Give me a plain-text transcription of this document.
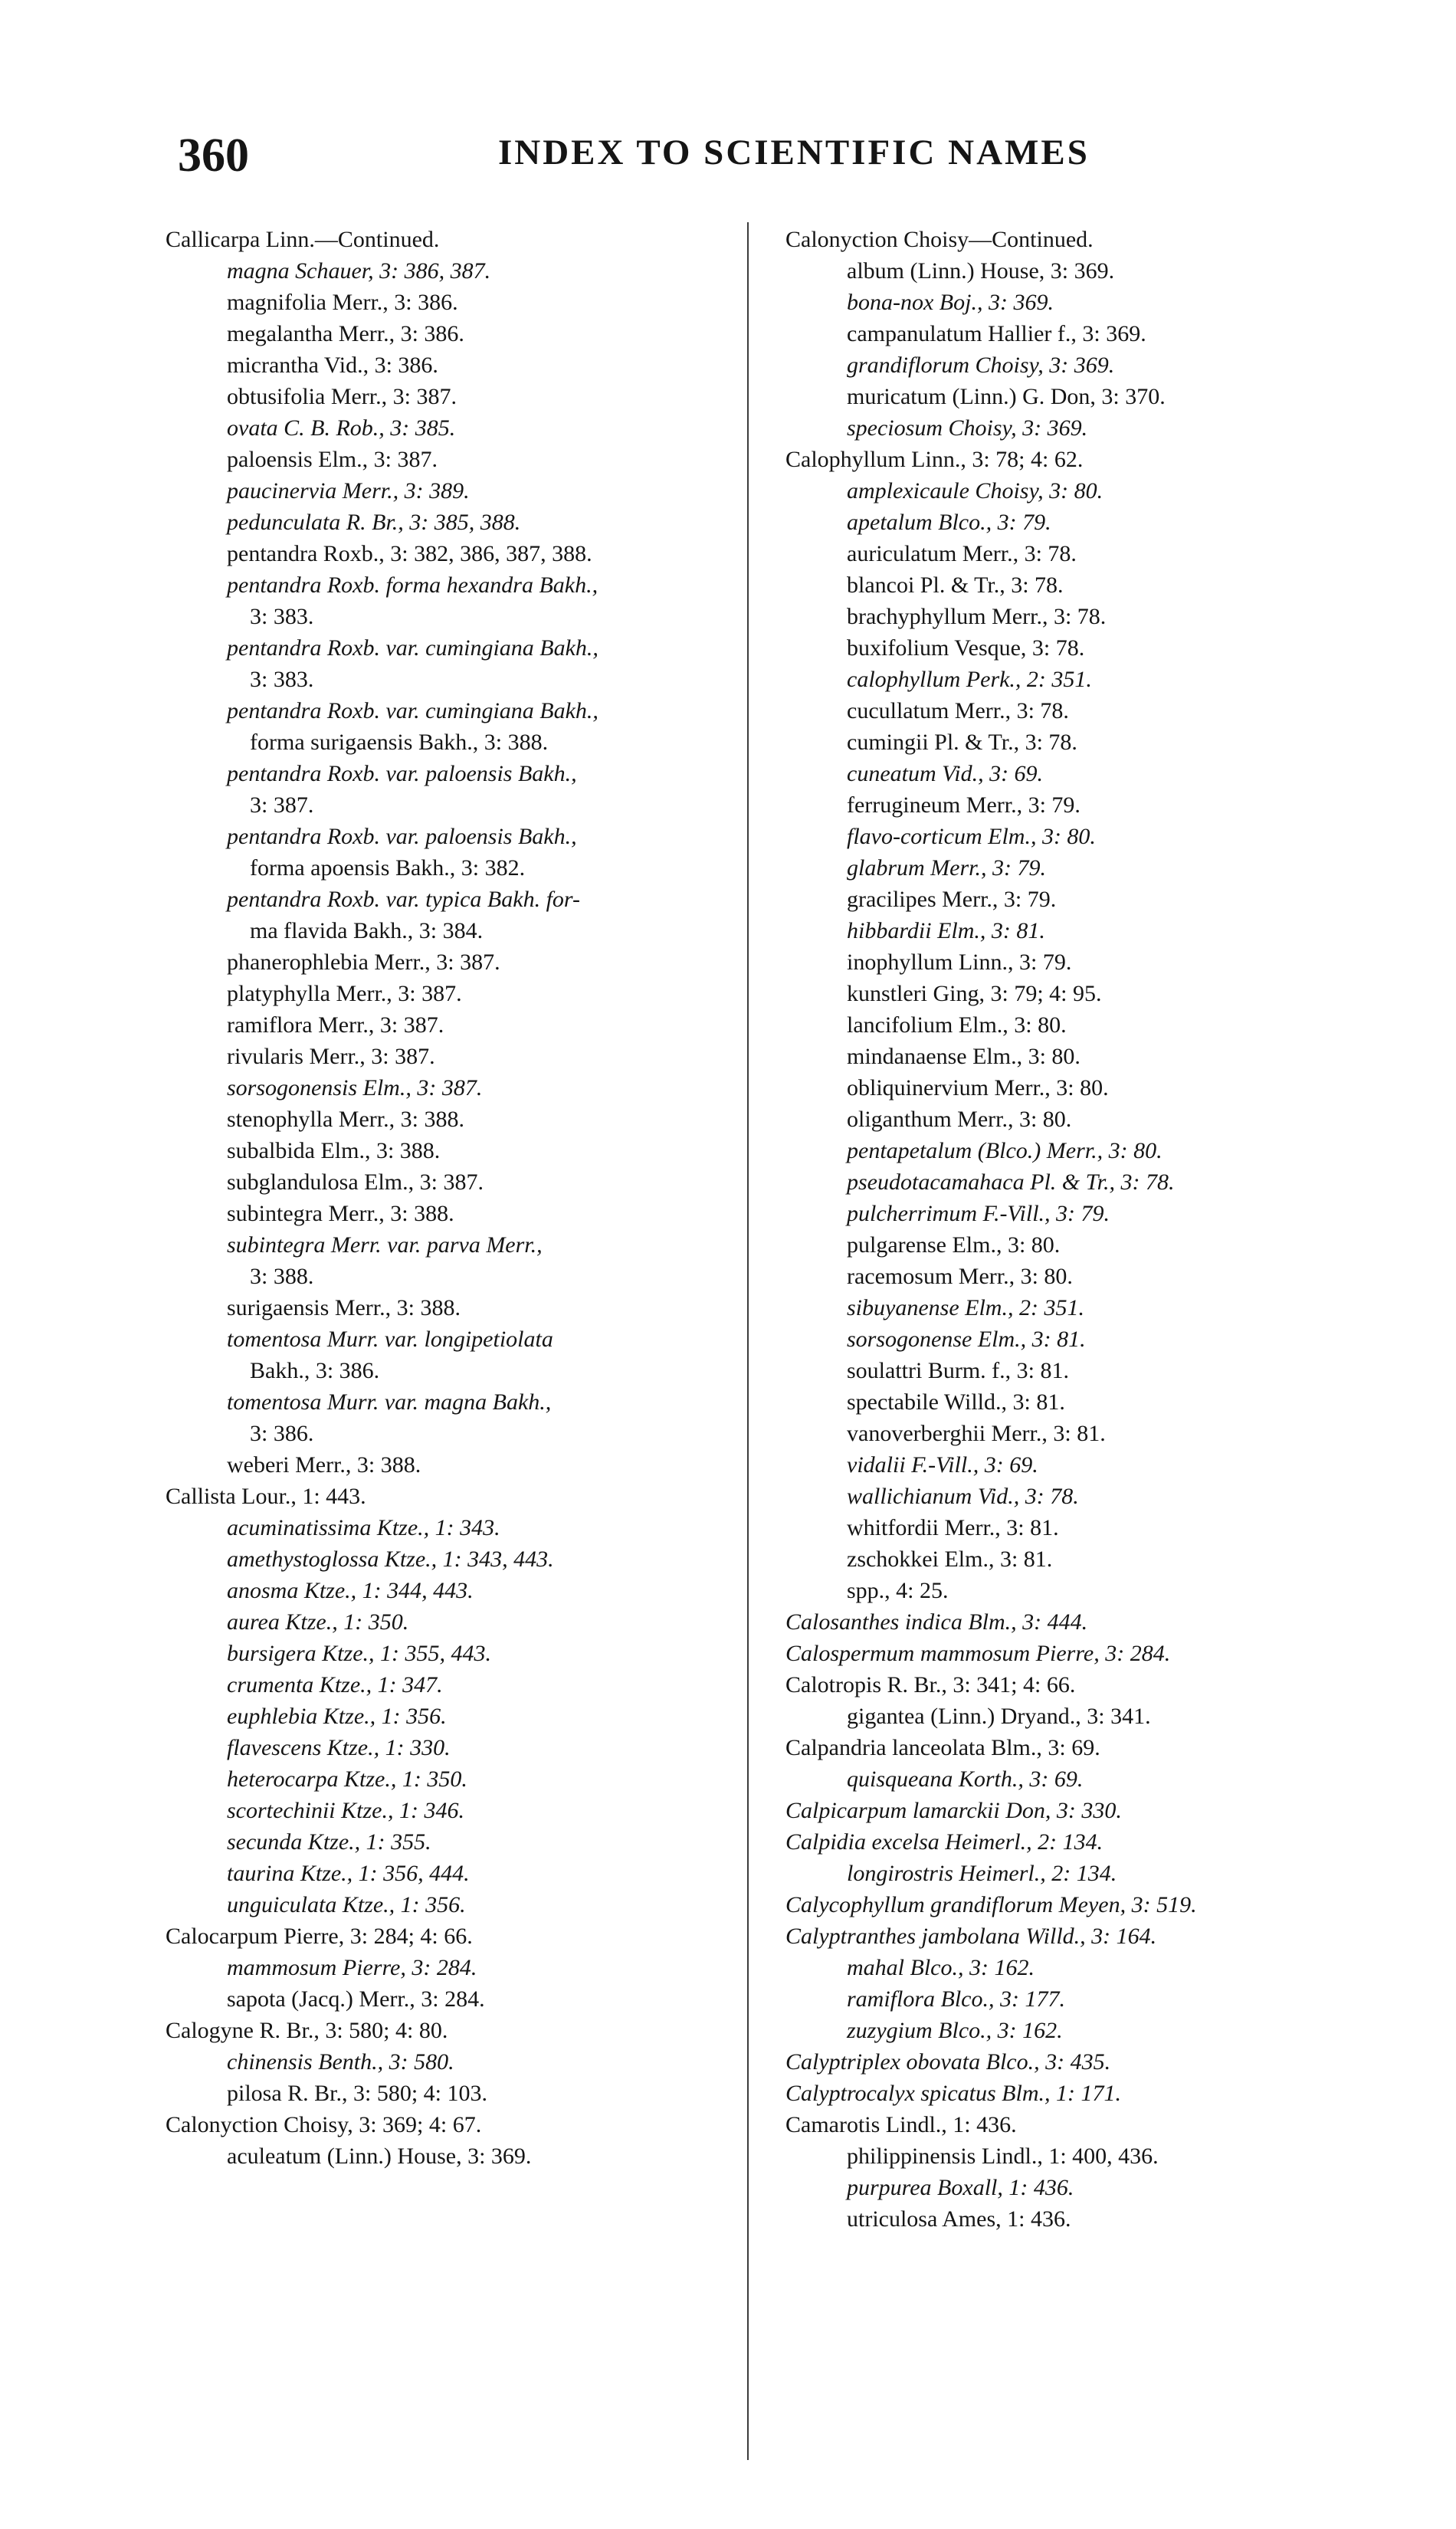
360	INDEX TO SCIENTIFIC NAMES
Callicarpa Linn.—Continued.
magna Schauer, 3: 386, 387.
magnifolia Merr., 3: 386.
megalantha Merr., 3: 386.
micrantha Vid., 3: 386.
obtusifolia Merr., 3: 387.
ovata C. B. Rob., 3: 385.
paloensis Elm., 3: 387.
paucinervia Merr., 3: 389.
pedunculata R. Br., 3: 385, 388.
pentandra Roxb., 3: 382, 386, 387, 388.
pentandra Roxb. forma hexandra Bakh.,
3: 383.
pentandra Roxb. var. cumingiana Bakh.,
3: 383.
pentandra Roxb. var. cumingiana Bakh.,
forma surigaensis Bakh., 3: 388.
pentandra Roxb. var. paloensis Bakh.,
3: 387.
pentandra Roxb. var. paloensis Bakh.,
forma apoensis Bakh., 3: 382.
pentandra Roxb. var. typica Bakh. for-
ma flavida Bakh., 3: 384.
phanerophlebia Merr., 3: 387.
platyphylla Merr., 3: 387.
ramiflora Merr., 3: 387.
rivularis Merr., 3: 387.
sorsogonensis Elm., 3: 387.
stenophylla Merr., 3: 388.
subalbida Elm., 3: 388.
subglandulosa Elm., 3: 387.
subintegra Merr., 3: 388.
subintegra Merr. var. parva Merr.,
3: 388.
surigaensis Merr., 3: 388.
tomentosa Murr. var. longipetiolata
Bakh., 3: 386.
tomentosa Murr. var. magna Bakh.,
3: 386.
weberi Merr., 3: 388.
Callista Lour., 1: 443.
acuminatissima Ktze., 1: 343.
amethystoglossa Ktze., 1: 343, 443.
anosma Ktze., 1: 344, 443.
aurea Ktze., 1: 350.
bursigera Ktze., 1: 355, 443.
crumenta Ktze., 1: 347.
euphlebia Ktze., 1: 356.
flavescens Ktze., 1: 330.
heterocarpa Ktze., 1: 350.
scortechinii Ktze., 1: 346.
secunda Ktze., 1: 355.
taurina Ktze., 1: 356, 444.
unguiculata Ktze., 1: 356.
Calocarpum Pierre, 3: 284; 4: 66.
mammosum Pierre, 3: 284.
sapota (Jacq.) Merr., 3: 284.
Calogyne R. Br., 3: 580; 4: 80.
chinensis Benth., 3: 580.
pilosa R. Br., 3: 580; 4: 103.
Calonyction Choisy, 3: 369; 4: 67.
aculeatum (Linn.) House, 3: 369.
Calonyction Choisy—Continued.
album (Linn.) House, 3: 369.
bona-nox Boj., 3: 369.
campanulatum Hallier f., 3: 369.
grandiflorum Choisy, 3: 369.
muricatum (Linn.) G. Don, 3: 370.
speciosum Choisy, 3: 369.
Calophyllum Linn., 3: 78; 4: 62.
amplexicaule Choisy, 3: 80.
apetalum Blco., 3: 79.
auriculatum Merr., 3: 78.
blancoi Pl. & Tr., 3: 78.
brachyphyllum Merr., 3: 78.
buxifolium Vesque, 3: 78.
calophyllum Perk., 2: 351.
cucullatum Merr., 3: 78.
cumingii Pl. & Tr., 3: 78.
cuneatum Vid., 3: 69.
ferrugineum Merr., 3: 79.
flavo-corticum Elm., 3: 80.
glabrum Merr., 3: 79.
gracilipes Merr., 3: 79.
hibbardii Elm., 3: 81.
inophyllum Linn., 3: 79.
kunstleri Ging, 3: 79; 4: 95.
lancifolium Elm., 3: 80.
mindanaense Elm., 3: 80.
obliquinervium Merr., 3: 80.
oliganthum Merr., 3: 80.
pentapetalum (Blco.) Merr., 3: 80.
pseudotacamahaca Pl. & Tr., 3: 78.
pulcherrimum F.-Vill., 3: 79.
pulgarense Elm., 3: 80.
racemosum Merr., 3: 80.
sibuyanense Elm., 2: 351.
sorsogonense Elm., 3: 81.
soulattri Burm. f., 3: 81.
spectabile Willd., 3: 81.
vanoverberghii Merr., 3: 81.
vidalii F.-Vill., 3: 69.
wallichianum Vid., 3: 78.
whitfordii Merr., 3: 81.
zschokkei Elm., 3: 81.
spp., 4: 25.
Calosanthes indica Blm., 3: 444.
Calospermum mammosum Pierre, 3: 284.
Calotropis R. Br., 3: 341; 4: 66.
gigantea (Linn.) Dryand., 3: 341.
Calpandria lanceolata Blm., 3: 69.
quisqueana Korth., 3: 69.
Calpicarpum lamarckii Don, 3: 330.
Calpidia excelsa Heimerl., 2: 134.
longirostris Heimerl., 2: 134.
Calycophyllum grandiflorum Meyen, 3: 519.
Calyptranthes jambolana Willd., 3: 164.
mahal Blco., 3: 162.
ramiflora Blco., 3: 177.
zuzygium Blco., 3: 162.
Calyptriplex obovata Blco., 3: 435.
Calyptrocalyx spicatus Blm., 1: 171.
Camarotis Lindl., 1: 436.
philippinensis Lindl., 1: 400, 436.
purpurea Boxall, 1: 436.
utriculosa Ames, 1: 436.
